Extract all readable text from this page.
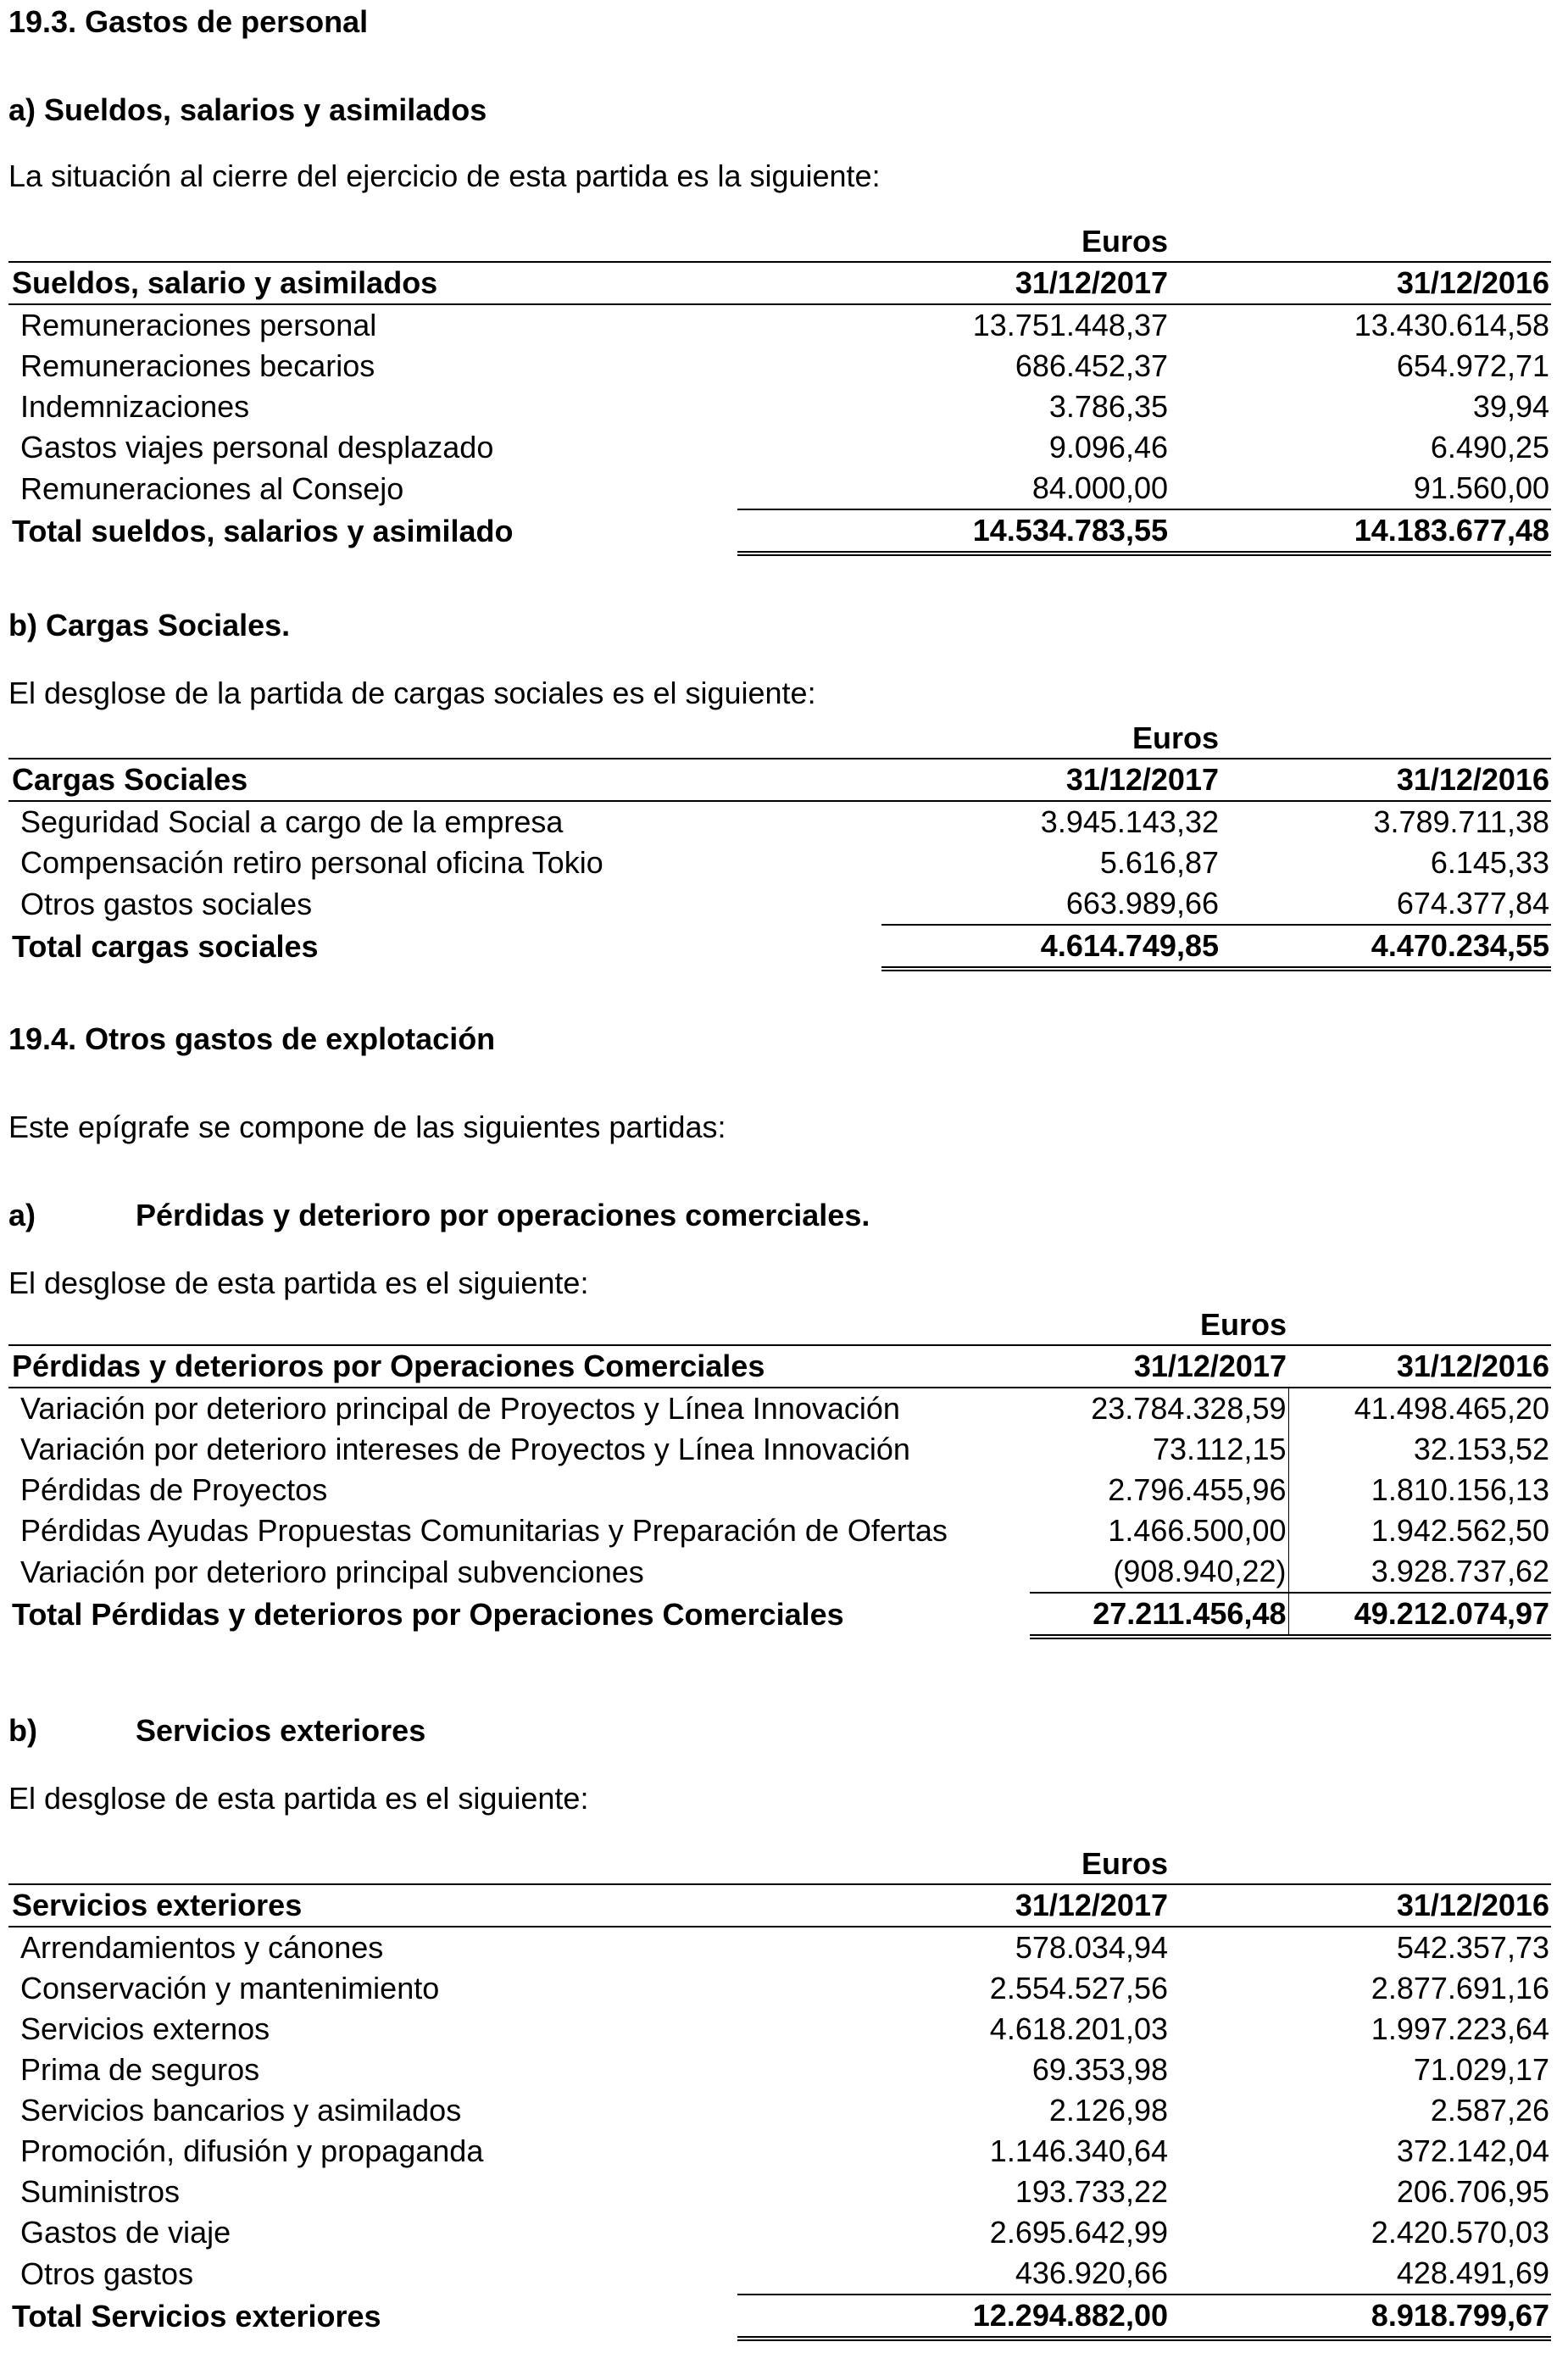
19.3. Gastos de personal
a) Sueldos, salarios y asimilados
La situación al cierre del ejercicio de esta partida es la siguiente:
	Euros	
Sueldos, salario y asimilados	31/12/2017	31/12/2016
Remuneraciones personal	13.751.448,37	13.430.614,58
Remuneraciones becarios	686.452,37	654.972,71
Indemnizaciones	3.786,35	39,94
Gastos viajes personal desplazado	9.096,46	6.490,25
Remuneraciones al Consejo	84.000,00	91.560,00
Total sueldos, salarios y asimilado	14.534.783,55	14.183.677,48
b) Cargas Sociales.
El desglose de la partida de cargas sociales es el siguiente:
	Euros	
Cargas Sociales	31/12/2017	31/12/2016
Seguridad Social a cargo de la empresa	3.945.143,32	3.789.711,38
Compensación retiro personal oficina Tokio	5.616,87	6.145,33
Otros gastos sociales	663.989,66	674.377,84
Total cargas sociales	4.614.749,85	4.470.234,55
19.4. Otros gastos de explotación
Este epígrafe se compone de las siguientes partidas:
a)	Pérdidas y deterioro por operaciones comerciales.
El desglose de esta partida es el siguiente:
	Euros	
Pérdidas y deterioros por Operaciones Comerciales	31/12/2017	31/12/2016
Variación por deterioro principal de Proyectos y Línea Innovación	23.784.328,59	41.498.465,20
Variación por deterioro intereses de Proyectos y Línea Innovación	73.112,15	32.153,52
Pérdidas de Proyectos	2.796.455,96	1.810.156,13
Pérdidas Ayudas Propuestas Comunitarias y Preparación de Ofertas	1.466.500,00	1.942.562,50
Variación por deterioro principal subvenciones	(908.940,22)	3.928.737,62
Total Pérdidas y deterioros por Operaciones Comerciales	27.211.456,48	49.212.074,97
b)	Servicios exteriores
El desglose de esta partida es el siguiente:
	Euros	
Servicios exteriores	31/12/2017	31/12/2016
Arrendamientos y cánones	578.034,94	542.357,73
Conservación y mantenimiento	2.554.527,56	2.877.691,16
Servicios externos	4.618.201,03	1.997.223,64
Prima de seguros	69.353,98	71.029,17
Servicios bancarios y asimilados	2.126,98	2.587,26
Promoción, difusión y propaganda	1.146.340,64	372.142,04
Suministros	193.733,22	206.706,95
Gastos de viaje	2.695.642,99	2.420.570,03
Otros gastos	436.920,66	428.491,69
Total Servicios exteriores	12.294.882,00	8.918.799,67
